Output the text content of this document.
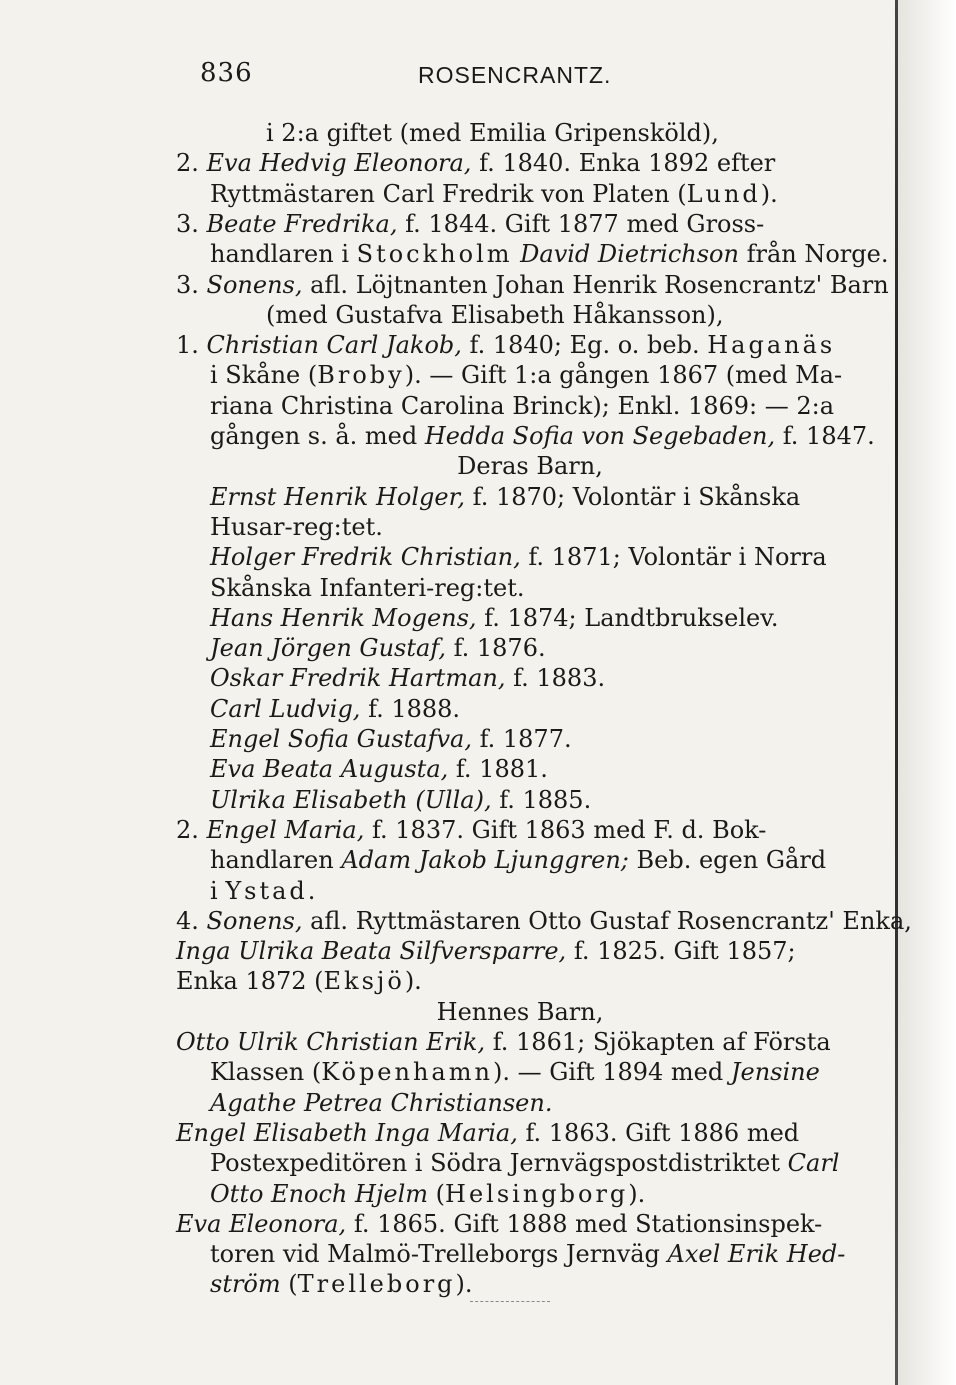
836	ROSENCRANTZ.
i 2:a giftet (med Emilia Gripensköld),
2. Eva Hedvig Eleonora, f. 1840. Enka 1892 efter
Ryttmästaren Carl Fredrik von Platen (Lund).
3. Beate Fredrika, f. 1844. Gift 1877 med Gross-
handlaren i Stockholm David Dietrichson från Norge.
3. Sonens, afl. Löjtnanten Johan Henrik Rosencrantz' Barn
(med Gustafva Elisabeth Håkansson),
1. Christian Carl Jakob, f. 1840; Eg. o. beb. Haganäs
i Skåne (Broby). — Gift 1:a gången 1867 (med Ma-
riana Christina Carolina Brinck); Enkl. 1869: — 2:a
gången s. å. med Hedda Sofia von Segebaden, f. 1847.
Deras Barn,
Ernst Henrik Holger, f. 1870; Volontär i Skånska
Husar-reg:tet.
Holger Fredrik Christian, f. 1871; Volontär i Norra
Skånska Infanteri-reg:tet.
Hans Henrik Mogens, f. 1874; Landtbrukselev.
Jean Jörgen Gustaf, f. 1876.
Oskar Fredrik Hartman, f. 1883.
Carl Ludvig, f. 1888.
Engel Sofia Gustafva, f. 1877.
Eva Beata Augusta, f. 1881.
Ulrika Elisabeth (Ulla), f. 1885.
2. Engel Maria, f. 1837. Gift 1863 med F. d. Bok-
handlaren Adam Jakob Ljunggren; Beb. egen Gård
i Ystad.
4. Sonens, afl. Ryttmästaren Otto Gustaf Rosencrantz' Enka,
Inga Ulrika Beata Silfversparre, f. 1825. Gift 1857;
Enka 1872 (Eksjö).
Hennes Barn,
Otto Ulrik Christian Erik, f. 1861; Sjökapten af Första
Klassen (Köpenhamn). — Gift 1894 med Jensine
Agathe Petrea Christiansen.
Engel Elisabeth Inga Maria, f. 1863. Gift 1886 med
Postexpeditören i Södra Jernvägspostdistriktet Carl
Otto Enoch Hjelm (Helsingborg).
Eva Eleonora, f. 1865. Gift 1888 med Stationsinspek-
toren vid Malmö-Trelleborgs Jernväg Axel Erik Hed-
ström (Trelleborg).
